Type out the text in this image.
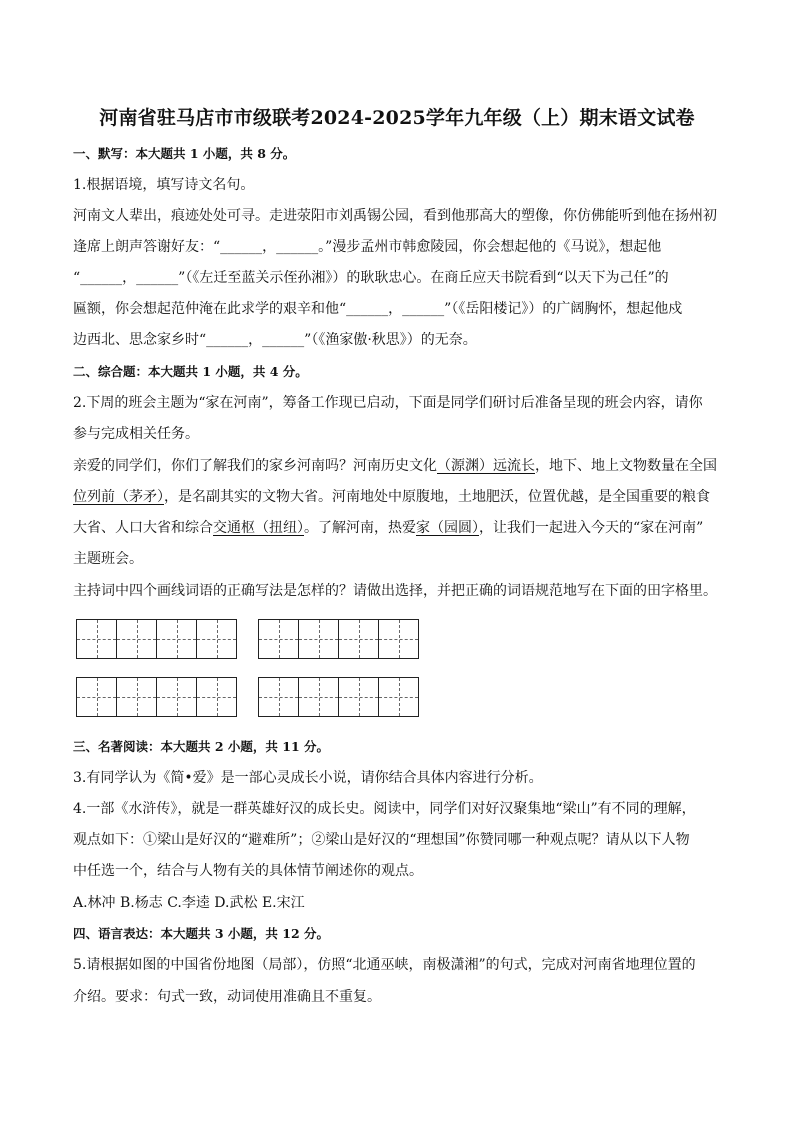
河南省驻马店市市级联考2024-2025学年九年级（上）期末语文试卷
一、默写：本大题共 1 小题，共 8 分。
1.根据语境，填写诗文名句。
河南文人辈出，痕迹处处可寻。走进荥阳市刘禹锡公园，看到他那高大的塑像，你仿佛能听到他在扬州初
逢席上朗声答谢好友：“______，______。”漫步孟州市韩愈陵园，你会想起他的《马说》，想起他
“______，______”（《左迁至蓝关示侄孙湘》）的耿耿忠心。在商丘应天书院看到“以天下为己任”的
匾额，你会想起范仲淹在此求学的艰辛和他“______，______”（《岳阳楼记》）的广阔胸怀，想起他戍
边西北、思念家乡时“______，______”（《渔家傲·秋思》）的无奈。
二、综合题：本大题共 1 小题，共 4 分。
2.下周的班会主题为“家在河南”，筹备工作现已启动，下面是同学们研讨后准备呈现的班会内容，请你
参与完成相关任务。
亲爱的同学们，你们了解我们的家乡河南吗？河南历史文化（源渊）远流长，地下、地上文物数量在全国
位列前（茅矛），是名副其实的文物大省。河南地处中原腹地，土地肥沃，位置优越，是全国重要的粮食
大省、人口大省和综合交通枢（扭纽）。了解河南，热爱家（园圆），让我们一起进入今天的“家在河南”
主题班会。
主持词中四个画线词语的正确写法是怎样的？请做出选择，并把正确的词语规范地写在下面的田字格里。
三、名著阅读：本大题共 2 小题，共 11 分。
3.有同学认为《简•爱》是一部心灵成长小说，请你结合具体内容进行分析。
4.一部《水浒传》，就是一群英雄好汉的成长史。阅读中，同学们对好汉聚集地“梁山”有不同的理解，
观点如下：①梁山是好汉的“避难所”；②梁山是好汉的“理想国”你赞同哪一种观点呢？请从以下人物
中任选一个，结合与人物有关的具体情节阐述你的观点。
A.林冲 B.杨志 C.李逵 D.武松 E.宋江
四、语言表达：本大题共 3 小题，共 12 分。
5.请根据如图的中国省份地图（局部），仿照“北通巫峡，南极潇湘”的句式，完成对河南省地理位置的
介绍。要求：句式一致，动词使用准确且不重复。
